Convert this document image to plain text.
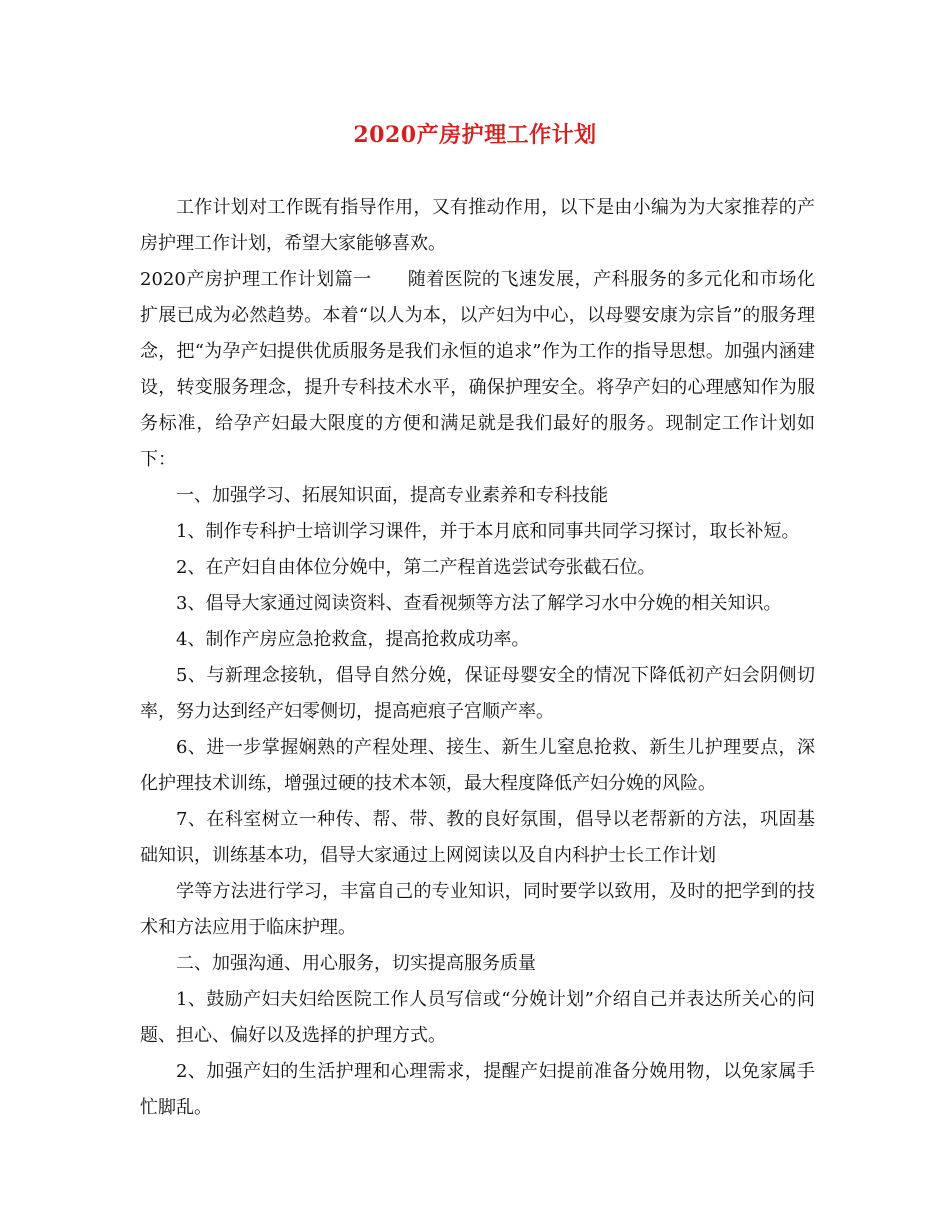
2020产房护理工作计划

工作计划对工作既有指导作用，又有推动作用，以下是由小编为为大家推荐的产房护理工作计划，希望大家能够喜欢。

2020产房护理工作计划篇一 随着医院的飞速发展，产科服务的多元化和市场化扩展已成为必然趋势。本着“以人为本，以产妇为中心，以母婴安康为宗旨”的服务理念，把“为孕产妇提供优质服务是我们永恒的追求”作为工作的指导思想。加强内涵建设，转变服务理念，提升专科技术水平，确保护理安全。将孕产妇的心理感知作为服务标准，给孕产妇最大限度的方便和满足就是我们最好的服务。现制定工作计划如下：

一、加强学习、拓展知识面，提高专业素养和专科技能

1、制作专科护士培训学习课件，并于本月底和同事共同学习探讨，取长补短。

2、在产妇自由体位分娩中，第二产程首选尝试夸张截石位。

3、倡导大家通过阅读资料、查看视频等方法了解学习水中分娩的相关知识。

4、制作产房应急抢救盒，提高抢救成功率。

5、与新理念接轨，倡导自然分娩，保证母婴安全的情况下降低初产妇会阴侧切率，努力达到经产妇零侧切，提高疤痕子宫顺产率。

6、进一步掌握娴熟的产程处理、接生、新生儿窒息抢救、新生儿护理要点，深化护理技术训练，增强过硬的技术本领，最大程度降低产妇分娩的风险。

7、在科室树立一种传、帮、带、教的良好氛围，倡导以老帮新的方法，巩固基础知识，训练基本功，倡导大家通过上网阅读以及自内科护士长工作计划

学等方法进行学习，丰富自己的专业知识，同时要学以致用，及时的把学到的技术和方法应用于临床护理。

二、加强沟通、用心服务，切实提高服务质量

1、鼓励产妇夫妇给医院工作人员写信或“分娩计划”介绍自己并表达所关心的问题、担心、偏好以及选择的护理方式。

2、加强产妇的生活护理和心理需求，提醒产妇提前准备分娩用物，以免家属手忙脚乱。
